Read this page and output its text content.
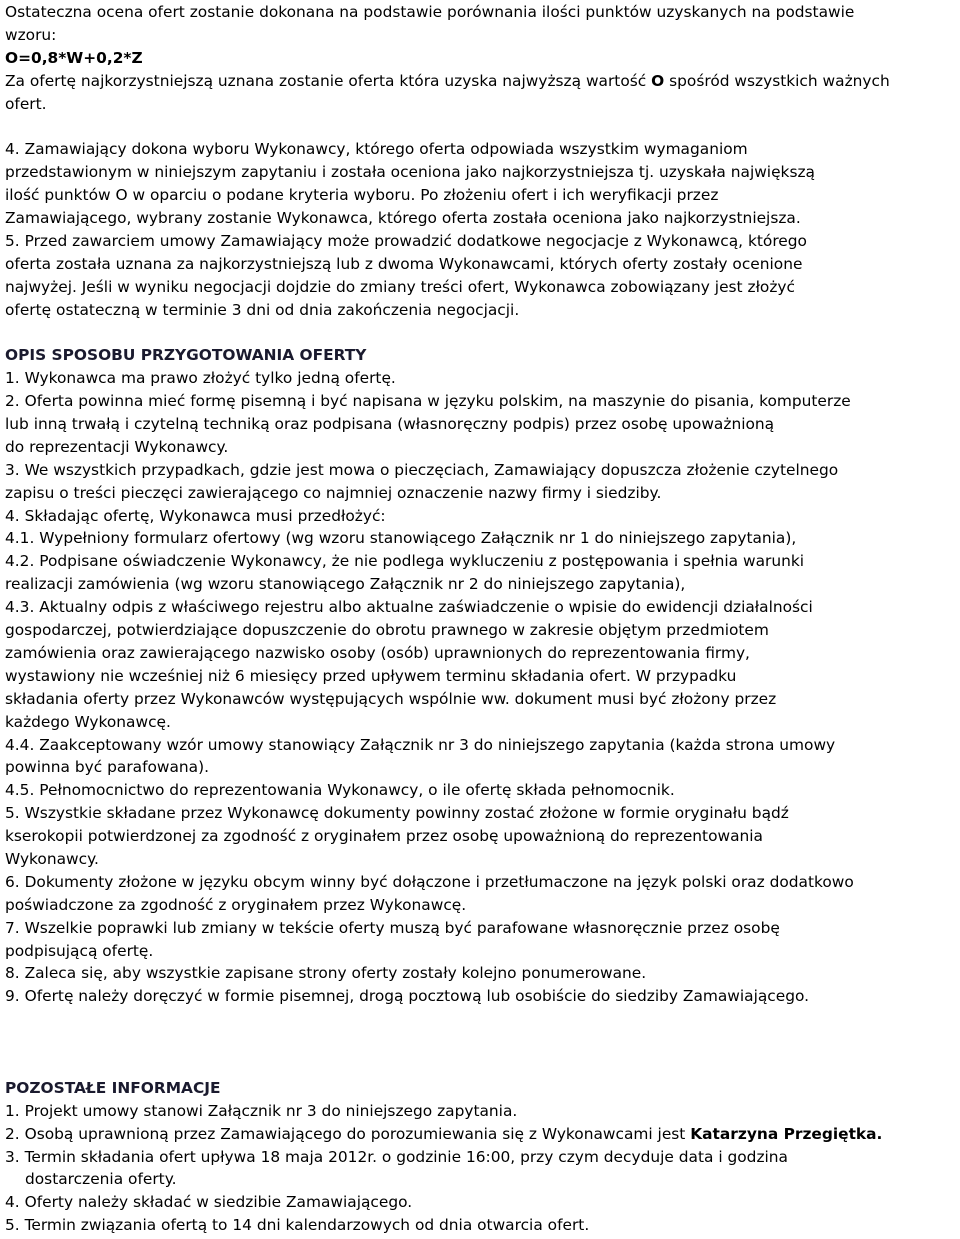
Ostateczna ocena ofert zostanie dokonana na podstawie porównania ilości punktów uzyskanych na podstawie
wzoru:
O=0,8*W+0,2*Z
Za ofertę najkorzystniejszą uznana zostanie oferta która uzyska najwyższą wartość O spośród wszystkich ważnych
ofert.
4. Zamawiający dokona wyboru Wykonawcy, którego oferta odpowiada wszystkim wymaganiom
przedstawionym w niniejszym zapytaniu i została oceniona jako najkorzystniejsza tj. uzyskała największą
ilość punktów O w oparciu o podane kryteria wyboru. Po złożeniu ofert i ich weryfikacji przez
Zamawiającego, wybrany zostanie Wykonawca, którego oferta została oceniona jako najkorzystniejsza.
5. Przed zawarciem umowy Zamawiający może prowadzić dodatkowe negocjacje z Wykonawcą, którego
oferta została uznana za najkorzystniejszą lub z dwoma Wykonawcami, których oferty zostały ocenione
najwyżej. Jeśli w wyniku negocjacji dojdzie do zmiany treści ofert, Wykonawca zobowiązany jest złożyć
ofertę ostateczną w terminie 3 dni od dnia zakończenia negocjacji.
OPIS SPOSOBU PRZYGOTOWANIA OFERTY
1. Wykonawca ma prawo złożyć tylko jedną ofertę.
2. Oferta powinna mieć formę pisemną i być napisana w języku polskim, na maszynie do pisania, komputerze
lub inną trwałą i czytelną techniką oraz podpisana (własnoręczny podpis) przez osobę upoważnioną
do reprezentacji Wykonawcy.
3. We wszystkich przypadkach, gdzie jest mowa o pieczęciach, Zamawiający dopuszcza złożenie czytelnego
zapisu o treści pieczęci zawierającego co najmniej oznaczenie nazwy firmy i siedziby.
4. Składając ofertę, Wykonawca musi przedłożyć:
4.1. Wypełniony formularz ofertowy (wg wzoru stanowiącego Załącznik nr 1 do niniejszego zapytania),
4.2. Podpisane oświadczenie Wykonawcy, że nie podlega wykluczeniu z postępowania i spełnia warunki
realizacji zamówienia (wg wzoru stanowiącego Załącznik nr 2 do niniejszego zapytania),
4.3. Aktualny odpis z właściwego rejestru albo aktualne zaświadczenie o wpisie do ewidencji działalności
gospodarczej, potwierdziające dopuszczenie do obrotu prawnego w zakresie objętym przedmiotem
zamówienia oraz zawierającego nazwisko osoby (osób) uprawnionych do reprezentowania firmy,
wystawiony nie wcześniej niż 6 miesięcy przed upływem terminu składania ofert. W przypadku
składania oferty przez Wykonawców występujących wspólnie ww. dokument musi być złożony przez
każdego Wykonawcę.
4.4. Zaakceptowany wzór umowy stanowiący Załącznik nr 3 do niniejszego zapytania (każda strona umowy
powinna być parafowana).
4.5. Pełnomocnictwo do reprezentowania Wykonawcy, o ile ofertę składa pełnomocnik.
5. Wszystkie składane przez Wykonawcę dokumenty powinny zostać złożone w formie oryginału bądź
kserokopii potwierdzonej za zgodność z oryginałem przez osobę upoważnioną do reprezentowania
Wykonawcy.
6. Dokumenty złożone w języku obcym winny być dołączone i przetłumaczone na język polski oraz dodatkowo
poświadczone za zgodność z oryginałem przez Wykonawcę.
7. Wszelkie poprawki lub zmiany w tekście oferty muszą być parafowane własnoręcznie przez osobę
podpisującą ofertę.
8. Zaleca się, aby wszystkie zapisane strony oferty zostały kolejno ponumerowane.
9. Ofertę należy doręczyć w formie pisemnej, drogą pocztową lub osobiście do siedziby Zamawiającego.
POZOSTAŁE INFORMACJE
1. Projekt umowy stanowi Załącznik nr 3 do niniejszego zapytania.
2. Osobą uprawnioną przez Zamawiającego do porozumiewania się z Wykonawcami jest Katarzyna Przegiętka.
3. Termin składania ofert upływa 18 maja 2012r. o godzinie 16:00, przy czym decyduje data i godzina
dostarczenia oferty.
4. Oferty należy składać w siedzibie Zamawiającego.
5. Termin związania ofertą to 14 dni kalendarzowych od dnia otwarcia ofert.
